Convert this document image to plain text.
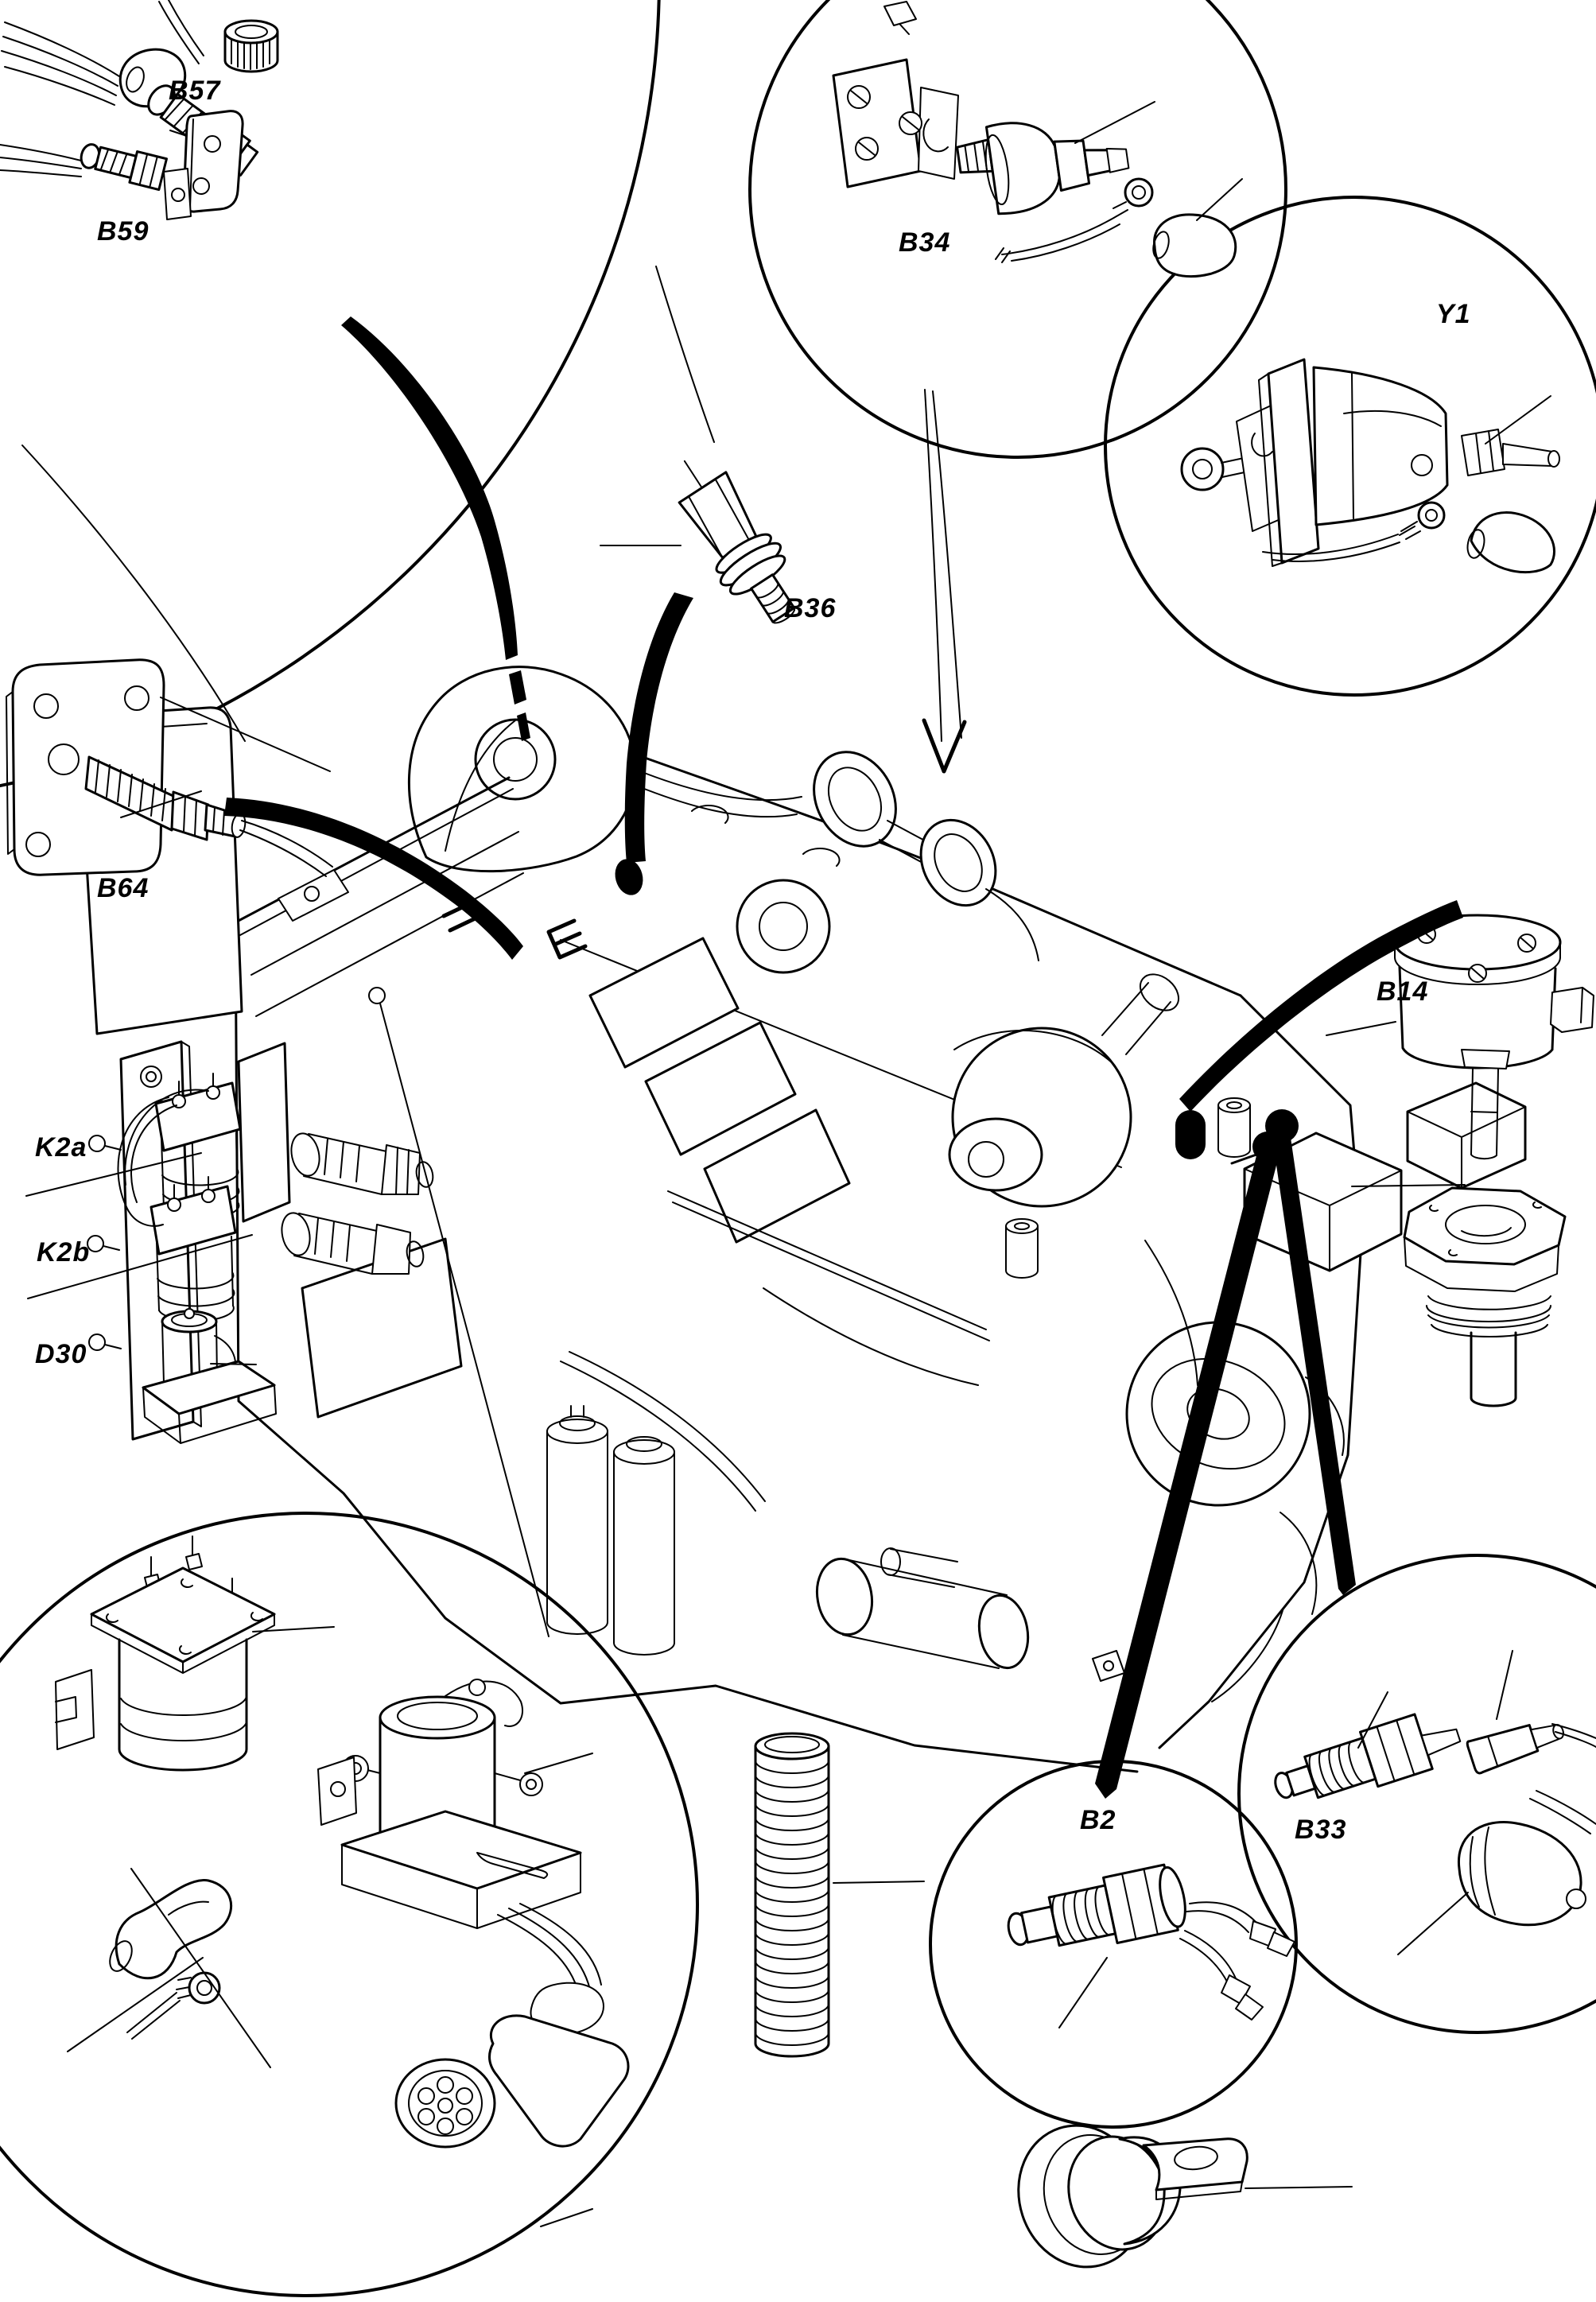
B57
B59	B34
Y1
B36
B64
K2a
K2b
D30
B14
B2	B33
